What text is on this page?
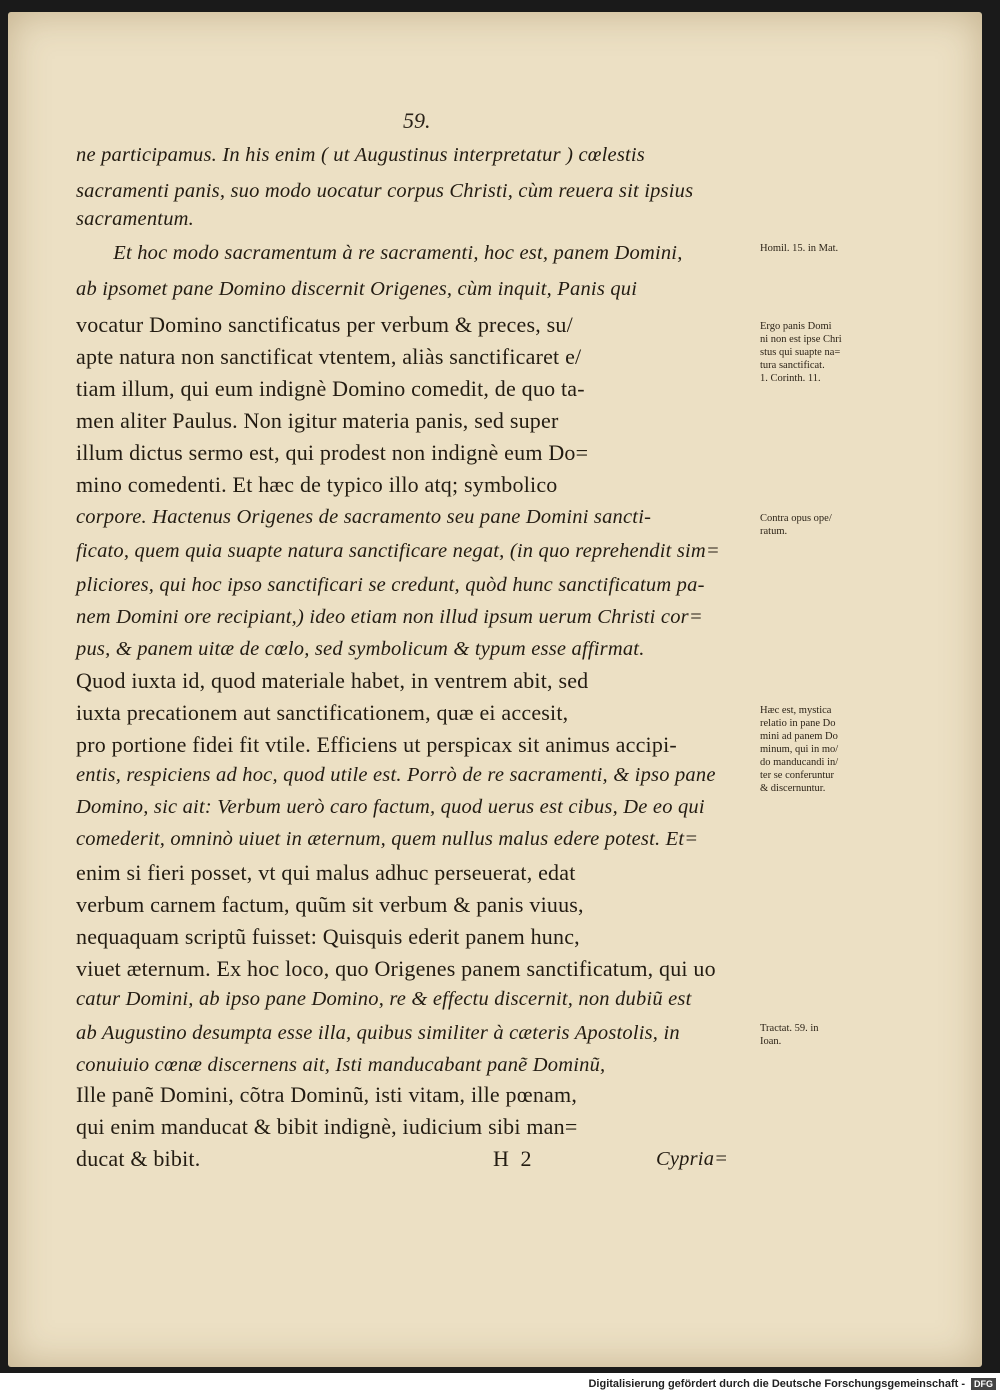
59.
ne participamus. In his enim ( ut Augustinus interpretatur ) cœlestis
sacramenti panis, suo modo uocatur corpus Christi, cùm reuera sit ipsius
sacramentum.
Et hoc modo sacramentum à re sacramenti, hoc est, panem Domini,
ab ipsomet pane Domino discernit Origenes, cùm inquit, Panis qui
vocatur Domino sanctificatus per verbum & preces, su/
apte natura non sanctificat vtentem, aliàs sanctificaret e/
tiam illum, qui eum indignè Domino comedit, de quo ta-
men aliter Paulus. Non igitur materia panis, sed super
illum dictus sermo est, qui prodest non indignè eum Do=
mino comedenti. Et hæc de typico illo atq; symbolico
corpore. Hactenus Origenes de sacramento seu pane Domini sancti-
ficato, quem quia suapte natura sanctificare negat, (in quo reprehendit sim=
pliciores, qui hoc ipso sanctificari se credunt, quòd hunc sanctificatum pa-
nem Domini ore recipiant,) ideo etiam non illud ipsum uerum Christi cor=
pus, & panem uitæ de cœlo, sed symbolicum & typum esse affirmat.
Quod iuxta id, quod materiale habet, in ventrem abit, sed
iuxta precationem aut sanctificationem, quæ ei accesit,
pro portione fidei fit vtile. Efficiens ut perspicax sit animus accipi-
entis, respiciens ad hoc, quod utile est. Porrò de re sacramenti, & ipso pane
Domino, sic ait: Verbum uerò caro factum, quod uerus est cibus, De eo qui
comederit, omninò uiuet in æternum, quem nullus malus edere potest. Et=
enim si fieri posset, vt qui malus adhuc perseuerat, edat
verbum carnem factum, quũm sit verbum & panis viuus,
nequaquam scriptũ fuisset: Quisquis ederit panem hunc,
viuet æternum. Ex hoc loco, quo Origenes panem sanctificatum, qui uo
catur Domini, ab ipso pane Domino, re & effectu discernit, non dubiũ est
ab Augustino desumpta esse illa, quibus similiter à cæteris Apostolis, in
conuiuio cœnæ discernens ait, Isti manducabant panẽ Dominũ,
Ille panẽ Domini, cõtra Dominũ, isti vitam, ille pœnam,
qui enim manducat & bibit indignè, iudicium sibi man=
ducat & bibit.	H  2	Cypria=
Homil. 15. in Mat.
Ergo panis Domi
ni non est ipse Chri
stus qui suapte na=
tura sanctificat.
1. Corinth. 11.
Contra opus ope/
ratum.
Hæc est, mystica
relatio in pane Do
mini ad panem Do
minum, qui in mo/
do manducandi in/
ter se conferuntur
& discernuntur.
Tractat. 59. in
Ioan.
Digitalisierung gefördert durch die Deutsche Forschungsgemeinschaft -	DFG
